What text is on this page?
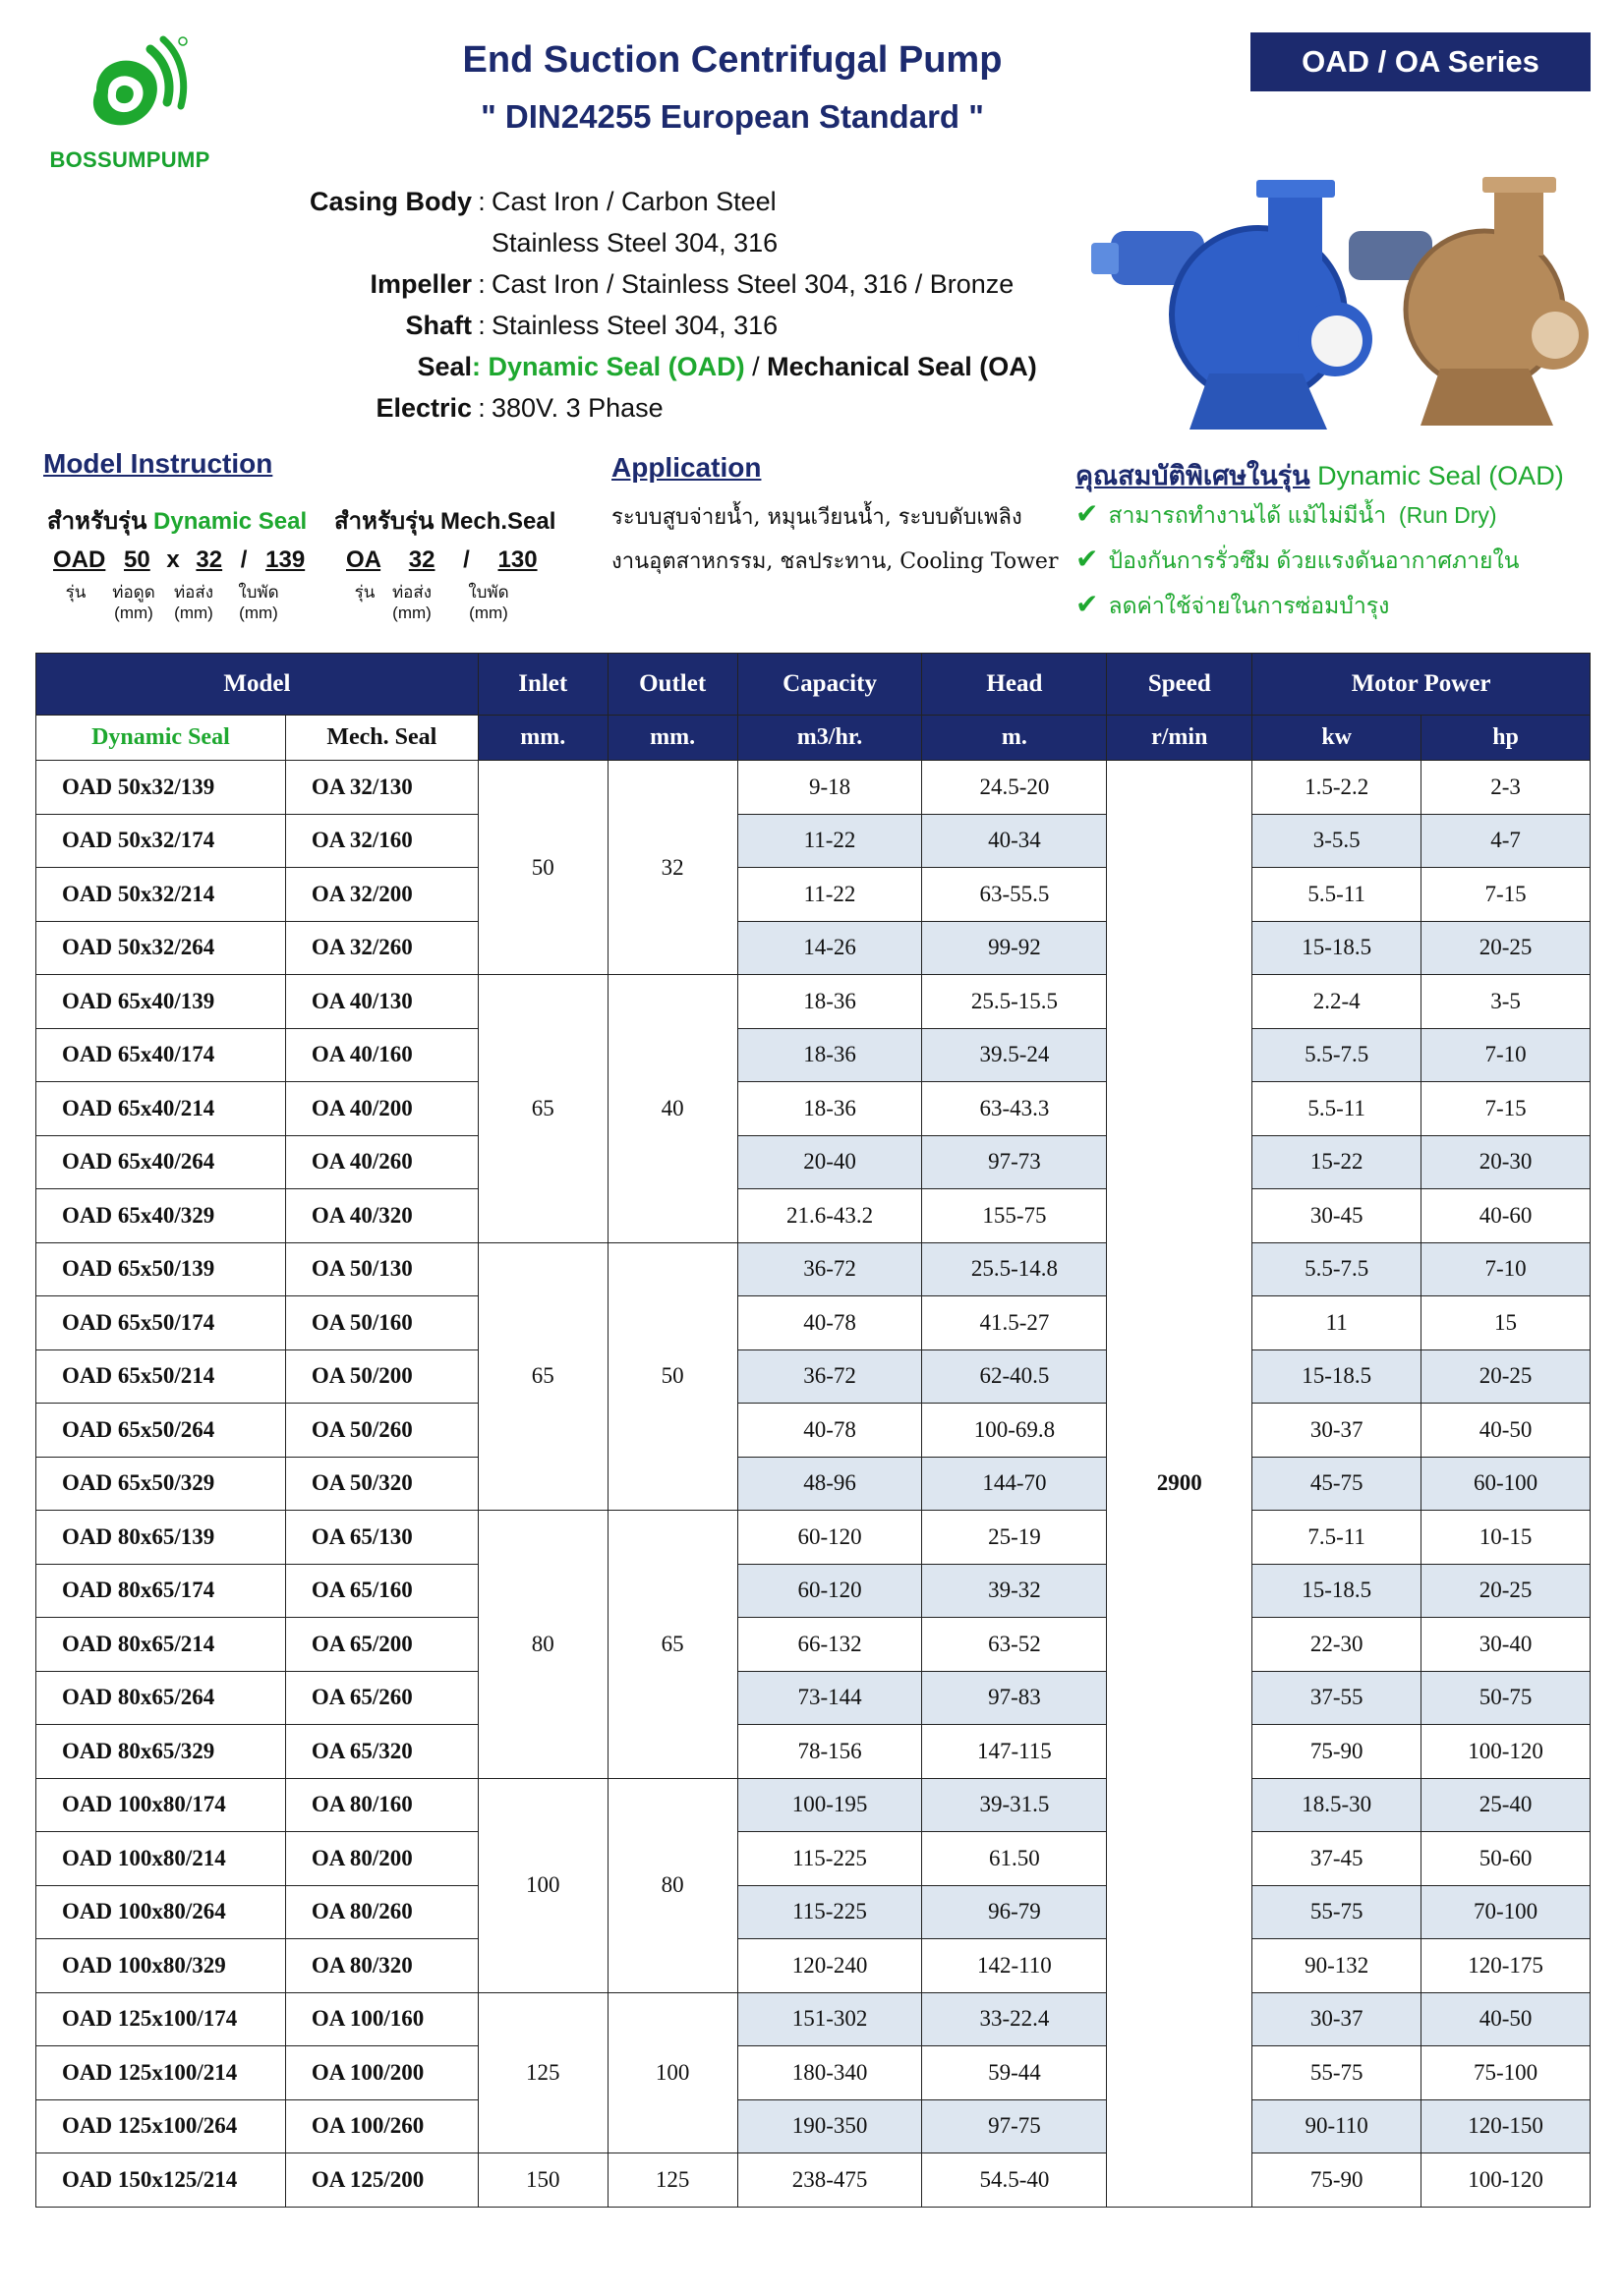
BOSSUMPUMP
End Suction Centrifugal Pump
" DIN24255 European Standard "
OAD / OA Series
Casing Body : Cast Iron / Carbon Steel
Stainless Steel 304, 316
Impeller : Cast Iron / Stainless Steel 304, 316 / Bronze
Shaft : Stainless Steel 304, 316
Seal : Dynamic Seal (OAD) / Mechanical Seal (OA)
Electric : 380V. 3 Phase
Model Instruction
สำหรับรุ่น Dynamic Seal สำหรับรุ่น Mech.Seal
OAD 50 x 32 / 139
รุ่น	ท่อดูด
(mm)
ท่อส่ง
(mm)
ใบพัด
(mm)
OA 32 / 130
รุ่น	ท่อส่ง
(mm)
ใบพัด
(mm)
Application
ระบบสูบจ่ายน้ำ, หมุนเวียนน้ำ, ระบบดับเพลิง
งานอุตสาหกรรม, ชลประทาน, Cooling Tower
คุณสมบัติพิเศษในรุ่น Dynamic Seal (OAD)
✔ สามารถทำงานได้ แม้ไม่มีน้ำ  (Run Dry)
✔ ป้องกันการรั่วซึม ด้วยแรงดันอากาศภายใน
✔ ลดค่าใช้จ่ายในการซ่อมบำรุง
Model		Inlet	Outlet	Capacity	Head	Speed	Motor Power	
Dynamic Seal	Mech. Seal	mm.	mm.	m3/hr.	m.	r/min	kw	hp
OAD 50x32/139	OA 32/130	50	32	9-18	24.5-20	2900	1.5-2.2	2-3
OAD 50x32/174	OA 32/160			11-22	40-34		3-5.5	4-7
OAD 50x32/214	OA 32/200			11-22	63-55.5		5.5-11	7-15
OAD 50x32/264	OA 32/260			14-26	99-92		15-18.5	20-25
OAD 65x40/139	OA 40/130	65	40	18-36	25.5-15.5		2.2-4	3-5
OAD 65x40/174	OA 40/160			18-36	39.5-24		5.5-7.5	7-10
OAD 65x40/214	OA 40/200			18-36	63-43.3		5.5-11	7-15
OAD 65x40/264	OA 40/260			20-40	97-73		15-22	20-30
OAD 65x40/329	OA 40/320			21.6-43.2	155-75		30-45	40-60
OAD 65x50/139	OA 50/130	65	50	36-72	25.5-14.8		5.5-7.5	7-10
OAD 65x50/174	OA 50/160			40-78	41.5-27		11	15
OAD 65x50/214	OA 50/200			36-72	62-40.5		15-18.5	20-25
OAD 65x50/264	OA 50/260			40-78	100-69.8		30-37	40-50
OAD 65x50/329	OA 50/320			48-96	144-70		45-75	60-100
OAD 80x65/139	OA 65/130	80	65	60-120	25-19		7.5-11	10-15
OAD 80x65/174	OA 65/160			60-120	39-32		15-18.5	20-25
OAD 80x65/214	OA 65/200			66-132	63-52		22-30	30-40
OAD 80x65/264	OA 65/260			73-144	97-83		37-55	50-75
OAD 80x65/329	OA 65/320			78-156	147-115		75-90	100-120
OAD 100x80/174	OA 80/160	100	80	100-195	39-31.5		18.5-30	25-40
OAD 100x80/214	OA 80/200			115-225	61.50		37-45	50-60
OAD 100x80/264	OA 80/260			115-225	96-79		55-75	70-100
OAD 100x80/329	OA 80/320			120-240	142-110		90-132	120-175
OAD 125x100/174	OA 100/160	125	100	151-302	33-22.4		30-37	40-50
OAD 125x100/214	OA 100/200			180-340	59-44		55-75	75-100
OAD 125x100/264	OA 100/260			190-350	97-75		90-110	120-150
OAD 150x125/214	OA 125/200	150	125	238-475	54.5-40		75-90	100-120
